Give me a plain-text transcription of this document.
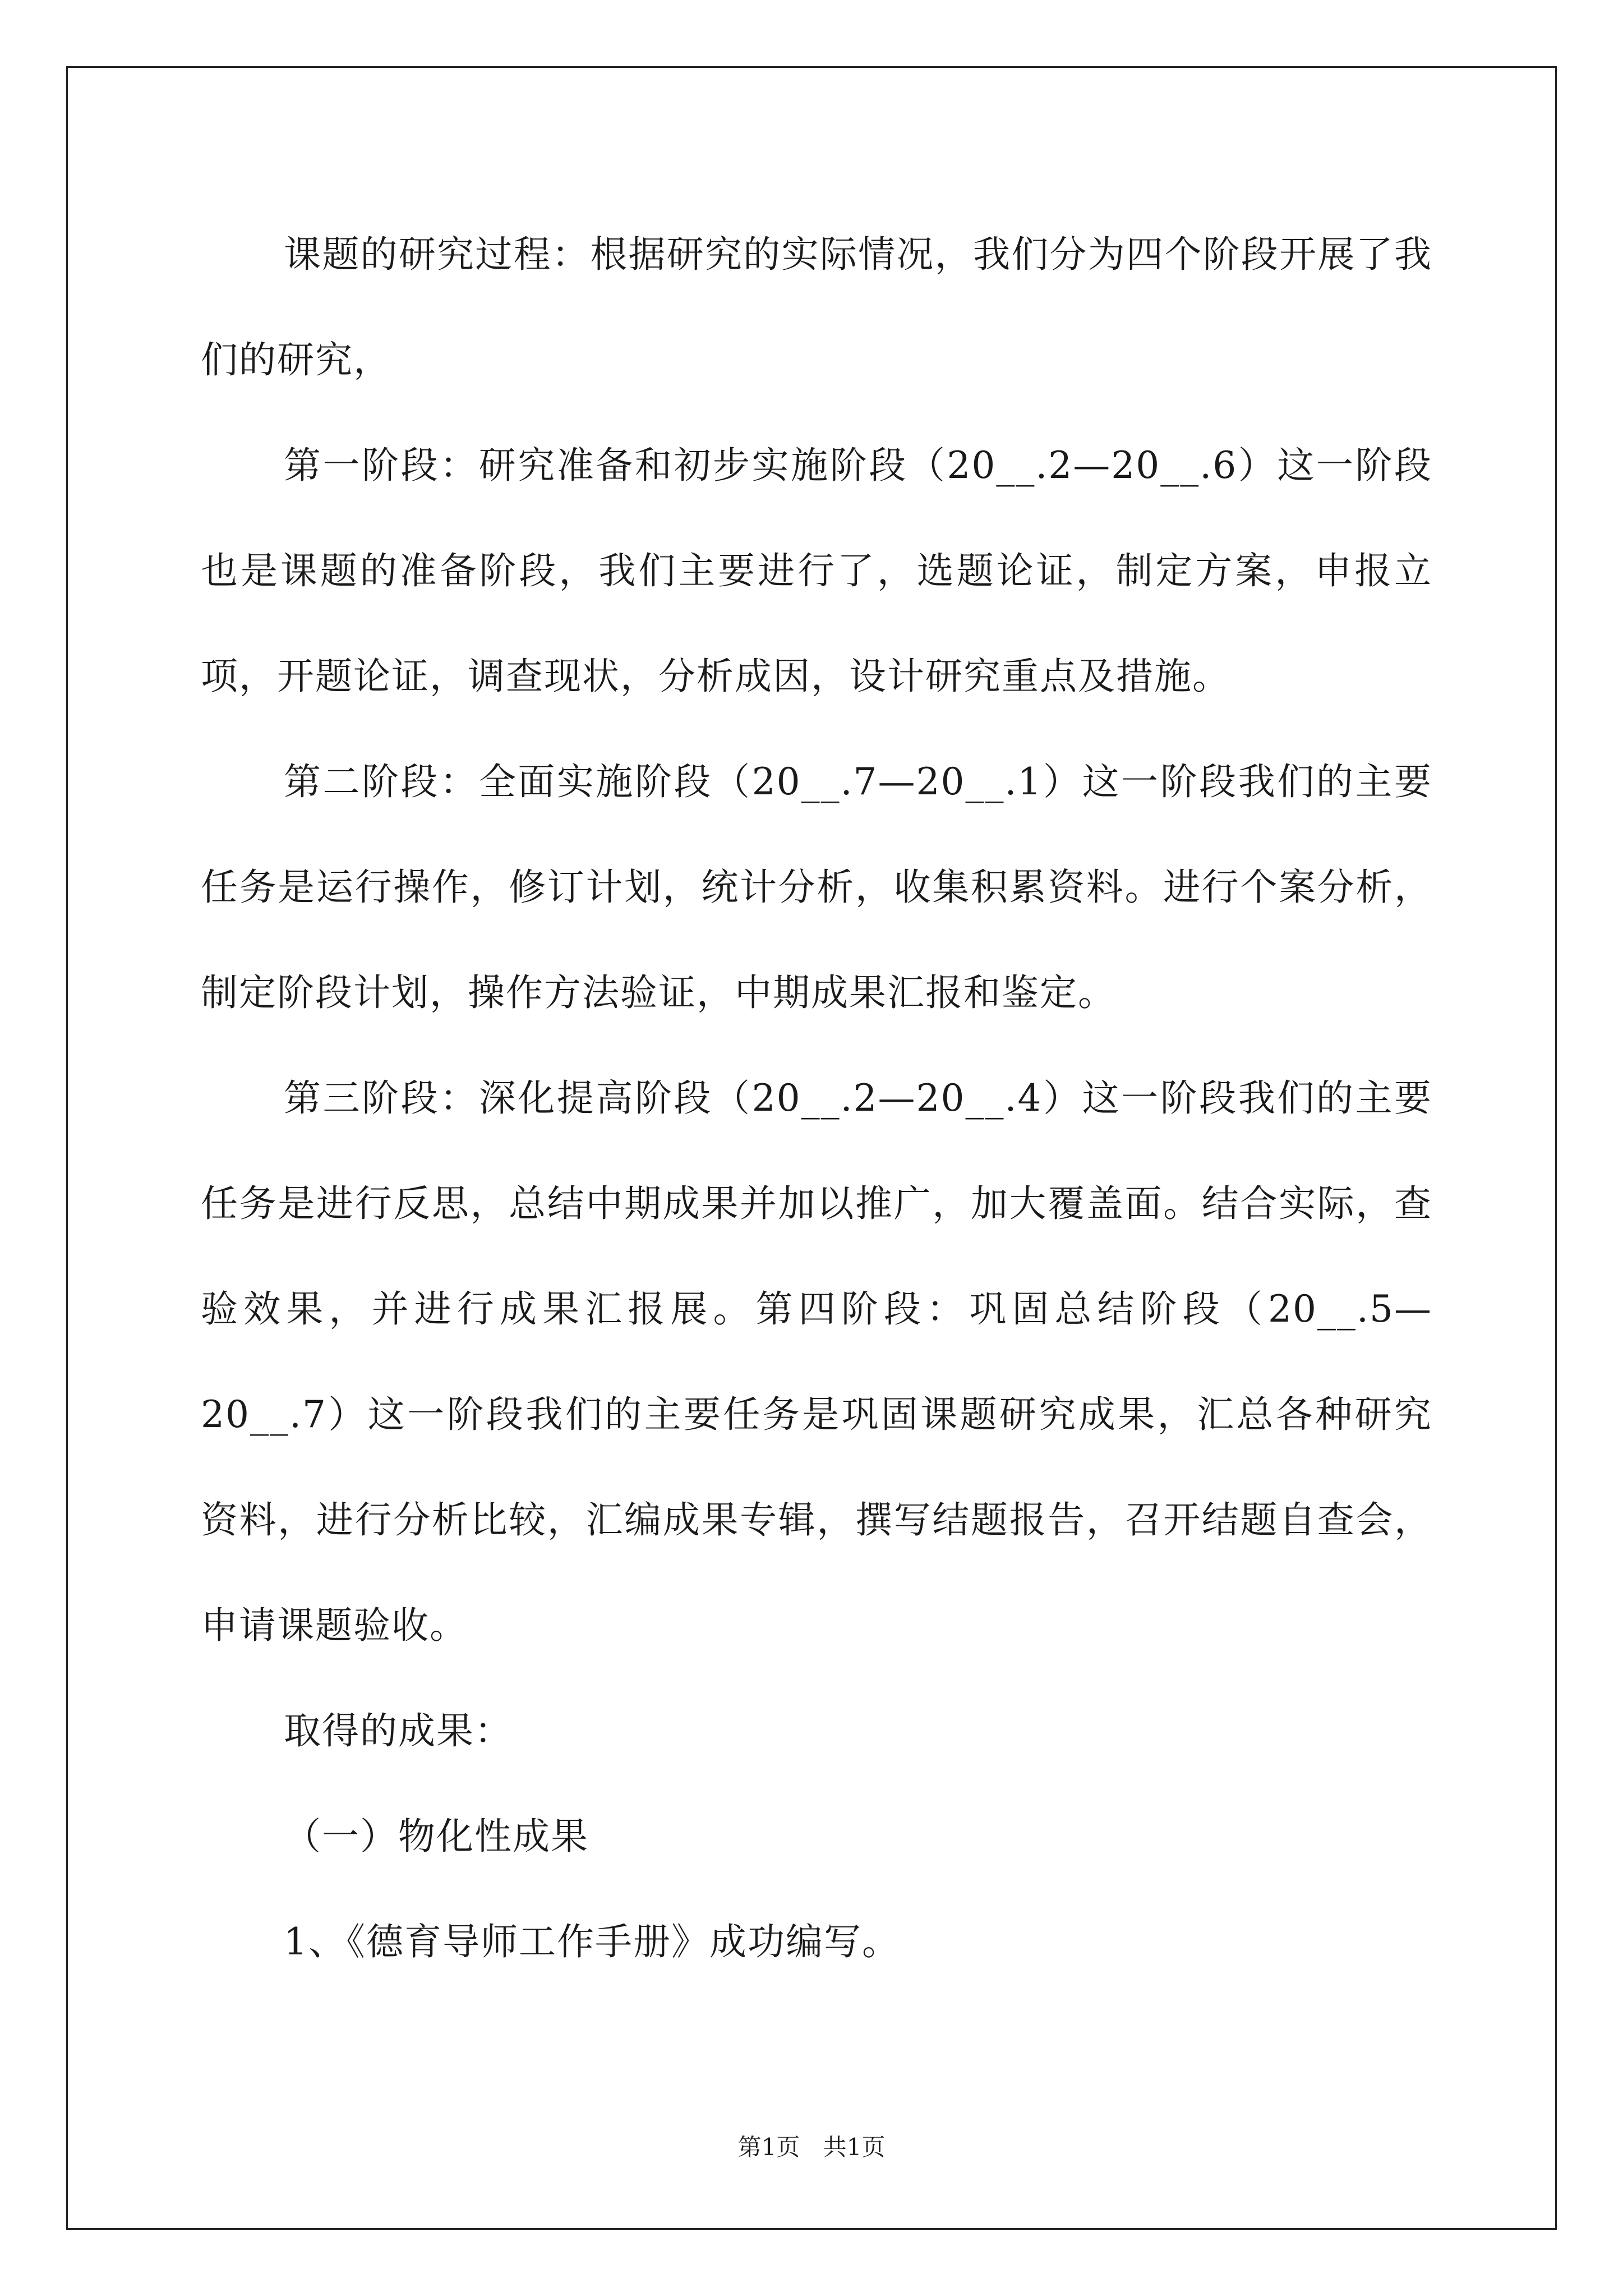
课题的研究过程：根据研究的实际情况，我们分为四个阶段开展了我们的研究，

第一阶段：研究准备和初步实施阶段（20__.2—20__.6）这一阶段也是课题的准备阶段，我们主要进行了，选题论证，制定方案，申报立项，开题论证，调查现状，分析成因，设计研究重点及措施。

第二阶段：全面实施阶段（20__.7—20__.1）这一阶段我们的主要任务是运行操作，修订计划，统计分析，收集积累资料。进行个案分析，制定阶段计划，操作方法验证，中期成果汇报和鉴定。

第三阶段：深化提高阶段（20__.2—20__.4）这一阶段我们的主要任务是进行反思，总结中期成果并加以推广，加大覆盖面。结合实际，查验效果，并进行成果汇报展。第四阶段：巩固总结阶段（20__.5—20__.7）这一阶段我们的主要任务是巩固课题研究成果，汇总各种研究资料，进行分析比较，汇编成果专辑，撰写结题报告，召开结题自查会，申请课题验收。

取得的成果：

（一）物化性成果

1、《德育导师工作手册》成功编写。

第1页 共1页
